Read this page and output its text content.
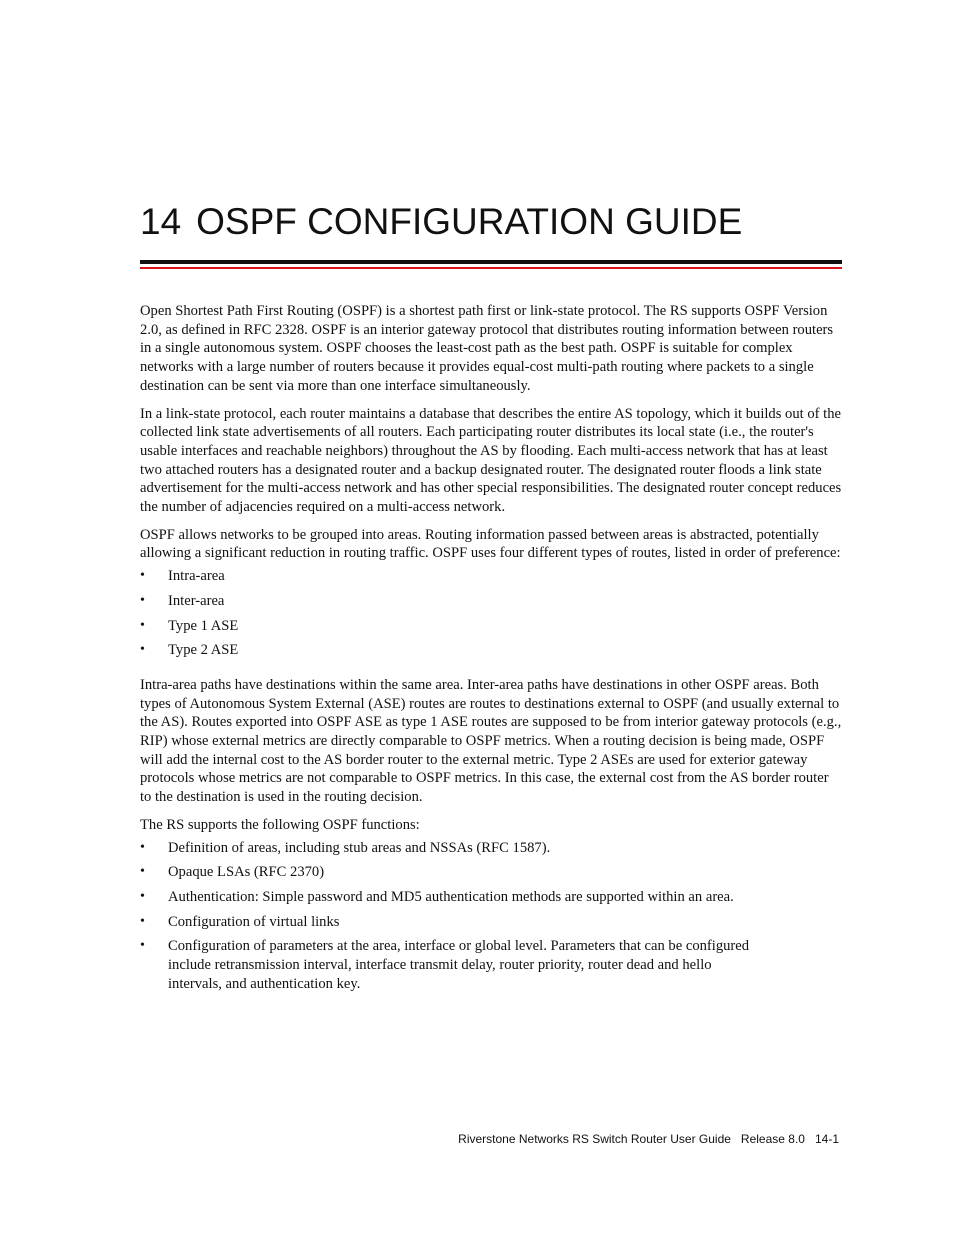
14 OSPF CONFIGURATION GUIDE

Open Shortest Path First Routing (OSPF) is a shortest path first or link-state protocol. The RS supports OSPF Version 2.0, as defined in RFC 2328. OSPF is an interior gateway protocol that distributes routing information between routers in a single autonomous system. OSPF chooses the least-cost path as the best path. OSPF is suitable for complex networks with a large number of routers because it provides equal-cost multi-path routing where packets to a single destination can be sent via more than one interface simultaneously.

In a link-state protocol, each router maintains a database that describes the entire AS topology, which it builds out of the collected link state advertisements of all routers. Each participating router distributes its local state (i.e., the router's usable interfaces and reachable neighbors) throughout the AS by flooding. Each multi-access network that has at least two attached routers has a designated router and a backup designated router. The designated router floods a link state advertisement for the multi-access network and has other special responsibilities. The designated router concept reduces the number of adjacencies required on a multi-access network.

OSPF allows networks to be grouped into areas. Routing information passed between areas is abstracted, potentially allowing a significant reduction in routing traffic. OSPF uses four different types of routes, listed in order of preference:

• Intra-area
• Inter-area
• Type 1 ASE
• Type 2 ASE

Intra-area paths have destinations within the same area. Inter-area paths have destinations in other OSPF areas. Both types of Autonomous System External (ASE) routes are routes to destinations external to OSPF (and usually external to the AS). Routes exported into OSPF ASE as type 1 ASE routes are supposed to be from interior gateway protocols (e.g., RIP) whose external metrics are directly comparable to OSPF metrics. When a routing decision is being made, OSPF will add the internal cost to the AS border router to the external metric. Type 2 ASEs are used for exterior gateway protocols whose metrics are not comparable to OSPF metrics. In this case, the external cost from the AS border router to the destination is used in the routing decision.

The RS supports the following OSPF functions:

• Definition of areas, including stub areas and NSSAs (RFC 1587).
• Opaque LSAs (RFC 2370)
• Authentication: Simple password and MD5 authentication methods are supported within an area.
• Configuration of virtual links
• Configuration of parameters at the area, interface or global level. Parameters that can be configured include retransmission interval, interface transmit delay, router priority, router dead and hello intervals, and authentication key.
Riverstone Networks RS Switch Router User Guide Release 8.0 14-1
